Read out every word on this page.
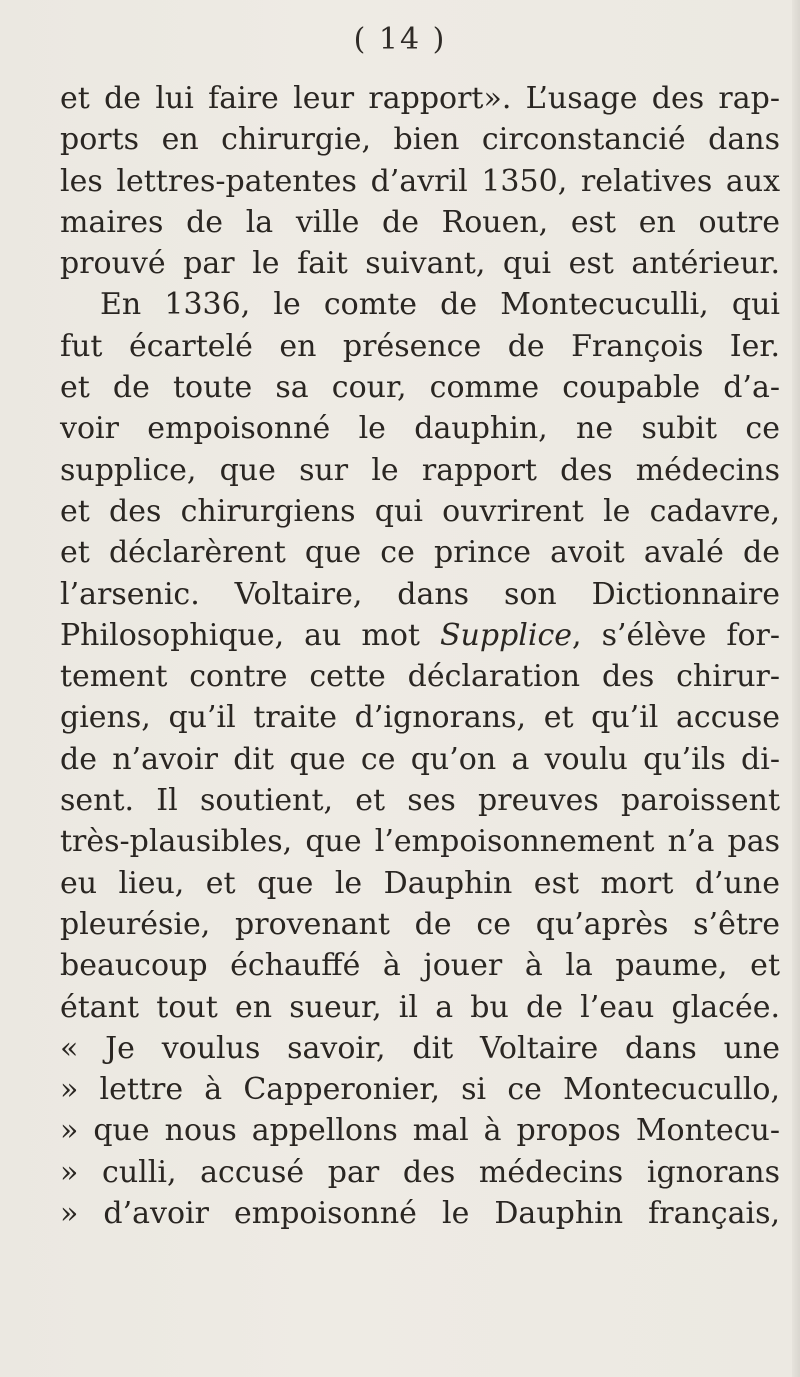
( 14 )
et de lui faire leur rapport». L’usage des rap-
ports en chirurgie, bien circonstancié dans
les lettres-patentes d’avril 1350, relatives aux
maires de la ville de Rouen, est en outre
prouvé par le fait suivant, qui est antérieur.
En 1336, le comte de Montecuculli, qui
fut écartelé en présence de François Ier.
et de toute sa cour, comme coupable d’a-
voir empoisonné le dauphin, ne subit ce
supplice, que sur le rapport des médecins
et des chirurgiens qui ouvrirent le cadavre,
et déclarèrent que ce prince avoit avalé de
l’arsenic. Voltaire, dans son Dictionnaire
Philosophique, au mot Supplice, s’élève for-
tement contre cette déclaration des chirur-
giens, qu’il traite d’ignorans, et qu’il accuse
de n’avoir dit que ce qu’on a voulu qu’ils di-
sent. Il soutient, et ses preuves paroissent
très-plausibles, que l’empoisonnement n’a pas
eu lieu, et que le Dauphin est mort d’une
pleurésie, provenant de ce qu’après s’être
beaucoup échauffé à jouer à la paume, et
étant tout en sueur, il a bu de l’eau glacée.
« Je voulus savoir, dit Voltaire dans une
» lettre à Capperonier, si ce Montecucullo,
» que nous appellons mal à propos Montecu-
» culli, accusé par des médecins ignorans
» d’avoir empoisonné le Dauphin français,
